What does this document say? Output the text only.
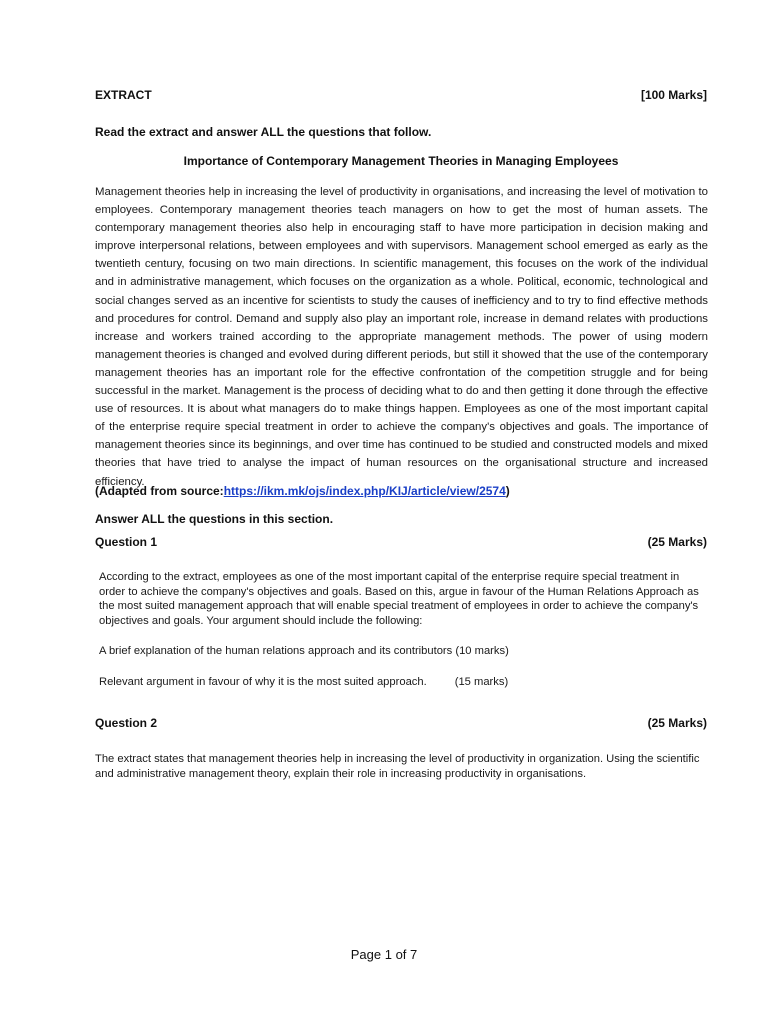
EXTRACT	[100 Marks]
Read the extract and answer ALL the questions that follow.
Importance of Contemporary Management Theories in Managing Employees
Management theories help in increasing the level of productivity in organisations, and increasing the level of motivation to employees. Contemporary management theories teach managers on how to get the most of human assets. The contemporary management theories also help in encouraging staff to have more participation in decision making and improve interpersonal relations, between employees and with supervisors. Management school emerged as early as the twentieth century, focusing on two main directions. In scientific management, this focuses on the work of the individual and in administrative management, which focuses on the organization as a whole. Political, economic, technological and social changes served as an incentive for scientists to study the causes of inefficiency and to try to find effective methods and procedures for control. Demand and supply also play an important role, increase in demand relates with productions increase and workers trained according to the appropriate management methods. The power of using modern management theories is changed and evolved during different periods, but still it showed that the use of the contemporary management theories has an important role for the effective confrontation of the competition struggle and for being successful in the market. Management is the process of deciding what to do and then getting it done through the effective use of resources. It is about what managers do to make things happen. Employees as one of the most important capital of the enterprise require special treatment in order to achieve the company's objectives and goals. The importance of management theories since its beginnings, and over time has continued to be studied and constructed models and mixed theories that have tried to analyse the impact of human resources on the organisational structure and increased efficiency.
(Adapted from source:https://ikm.mk/ojs/index.php/KIJ/article/view/2574)
Answer ALL the questions in this section.
Question 1	(25 Marks)
According to the extract, employees as one of the most important capital of the enterprise require special treatment in order to achieve the company's objectives and goals. Based on this, argue in favour of the Human Relations Approach as the most suited management approach that will enable special treatment of employees in order to achieve the company's objectives and goals. Your argument should include the following:
A brief explanation of the human relations approach and its contributors (10 marks)
Relevant argument in favour of why it is the most suited approach.	(15 marks)
Question 2	(25 Marks)
The extract states that management theories help in increasing the level of productivity in organization. Using the scientific and administrative management theory, explain their role in increasing productivity in organisations.
Page 1 of 7
